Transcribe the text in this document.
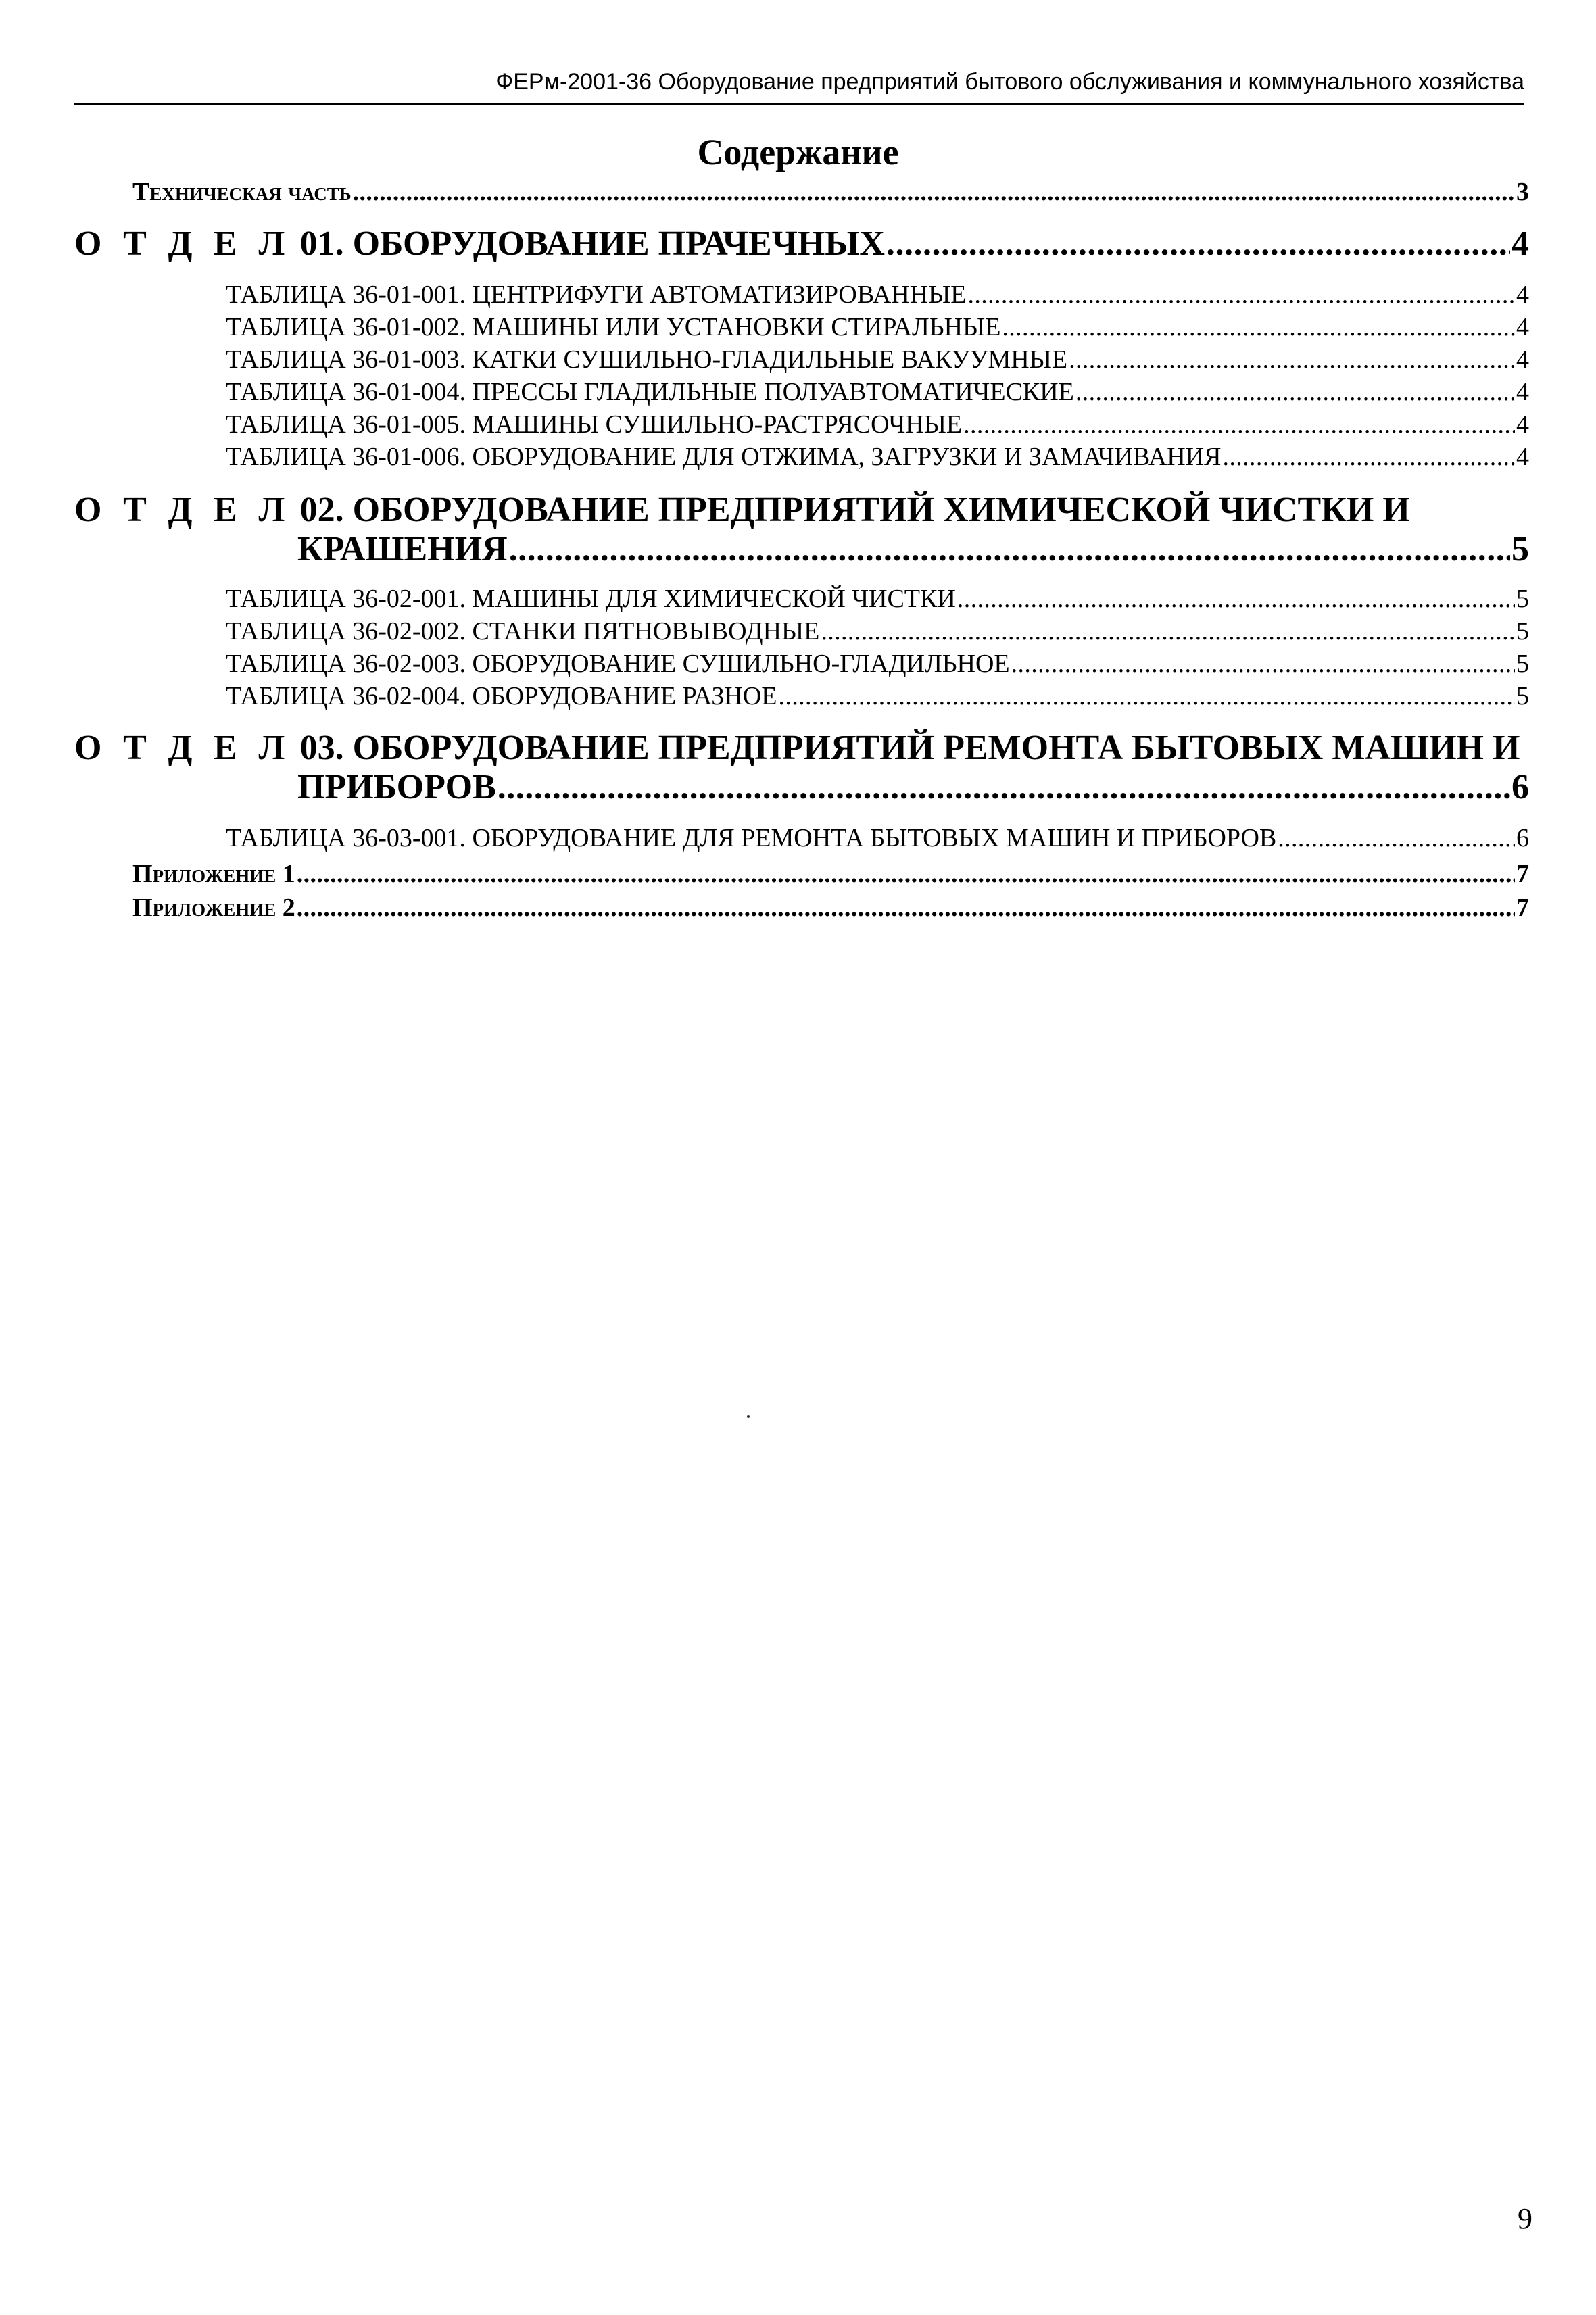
ФЕРм-2001-36 Оборудование предприятий бытового обслуживания и коммунального хозяйства
Содержание
Техническая часть . . .	3
О Т Д Е Л 01. ОБОРУДОВАНИЕ ПРАЧЕЧНЫХ . . .	4
ТАБЛИЦА 36-01-001. ЦЕНТРИФУГИ АВТОМАТИЗИРОВАННЫЕ . . .	4
ТАБЛИЦА 36-01-002. МАШИНЫ ИЛИ УСТАНОВКИ СТИРАЛЬНЫЕ . . .	4
ТАБЛИЦА 36-01-003. КАТКИ СУШИЛЬНО-ГЛАДИЛЬНЫЕ ВАКУУМНЫЕ . . .	4
ТАБЛИЦА 36-01-004. ПРЕССЫ ГЛАДИЛЬНЫЕ ПОЛУАВТОМАТИЧЕСКИЕ . . .	4
ТАБЛИЦА 36-01-005. МАШИНЫ СУШИЛЬНО-РАСТРЯСОЧНЫЕ . . .	4
ТАБЛИЦА 36-01-006. ОБОРУДОВАНИЕ ДЛЯ ОТЖИМА, ЗАГРУЗКИ И ЗАМАЧИВАНИЯ . . .	4
О Т Д Е Л 02. ОБОРУДОВАНИЕ ПРЕДПРИЯТИЙ ХИМИЧЕСКОЙ ЧИСТКИ И
КРАШЕНИЯ . . .	5
ТАБЛИЦА 36-02-001. МАШИНЫ ДЛЯ ХИМИЧЕСКОЙ ЧИСТКИ . . .	5
ТАБЛИЦА 36-02-002. СТАНКИ ПЯТНОВЫВОДНЫЕ . . .	5
ТАБЛИЦА 36-02-003. ОБОРУДОВАНИЕ СУШИЛЬНО-ГЛАДИЛЬНОЕ . . .	5
ТАБЛИЦА 36-02-004. ОБОРУДОВАНИЕ РАЗНОЕ . . .	5
О Т Д Е Л 03. ОБОРУДОВАНИЕ ПРЕДПРИЯТИЙ РЕМОНТА БЫТОВЫХ МАШИН И
ПРИБОРОВ . . .	6
ТАБЛИЦА 36-03-001. ОБОРУДОВАНИЕ ДЛЯ РЕМОНТА БЫТОВЫХ МАШИН И ПРИБОРОВ . . .	6
Приложение 1 . . .	7
Приложение 2 . . .	7
9
